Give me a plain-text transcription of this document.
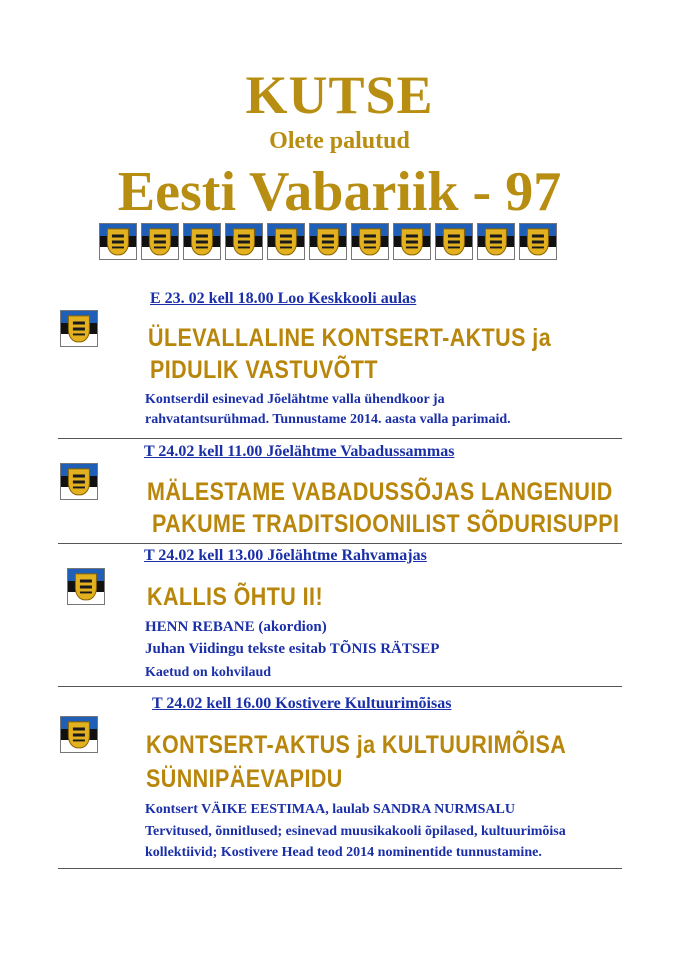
KUTSE
Olete palutud
Eesti Vabariik - 97
E 23. 02 kell 18.00 Loo Keskkooli aulas
ÜLEVALLALINE KONTSERT-AKTUS ja
PIDULIK VASTUVÕTT
Kontserdil esinevad Jõelähtme valla ühendkoor ja
rahvatantsurühmad. Tunnustame 2014. aasta valla parimaid.
T 24.02 kell 11.00 Jõelähtme Vabadussammas
MÄLESTAME VABADUSSÕJAS LANGENUID
PAKUME TRADITSIOONILIST SÕDURISUPPI
T 24.02 kell 13.00 Jõelähtme Rahvamajas
KALLIS ÕHTU II!
HENN REBANE (akordion)
Juhan Viidingu tekste esitab TÕNIS RÄTSEP
Kaetud on kohvilaud
T 24.02 kell 16.00 Kostivere Kultuurimõisas
KONTSERT-AKTUS ja KULTUURIMÕISA
SÜNNIPÄEVAPIDU
Kontsert VÄIKE EESTIMAA, laulab SANDRA NURMSALU
Tervitused, õnnitlused; esinevad muusikakooli õpilased, kultuurimõisa
kollektiivid; Kostivere Head teod 2014 nominentide tunnustamine.
